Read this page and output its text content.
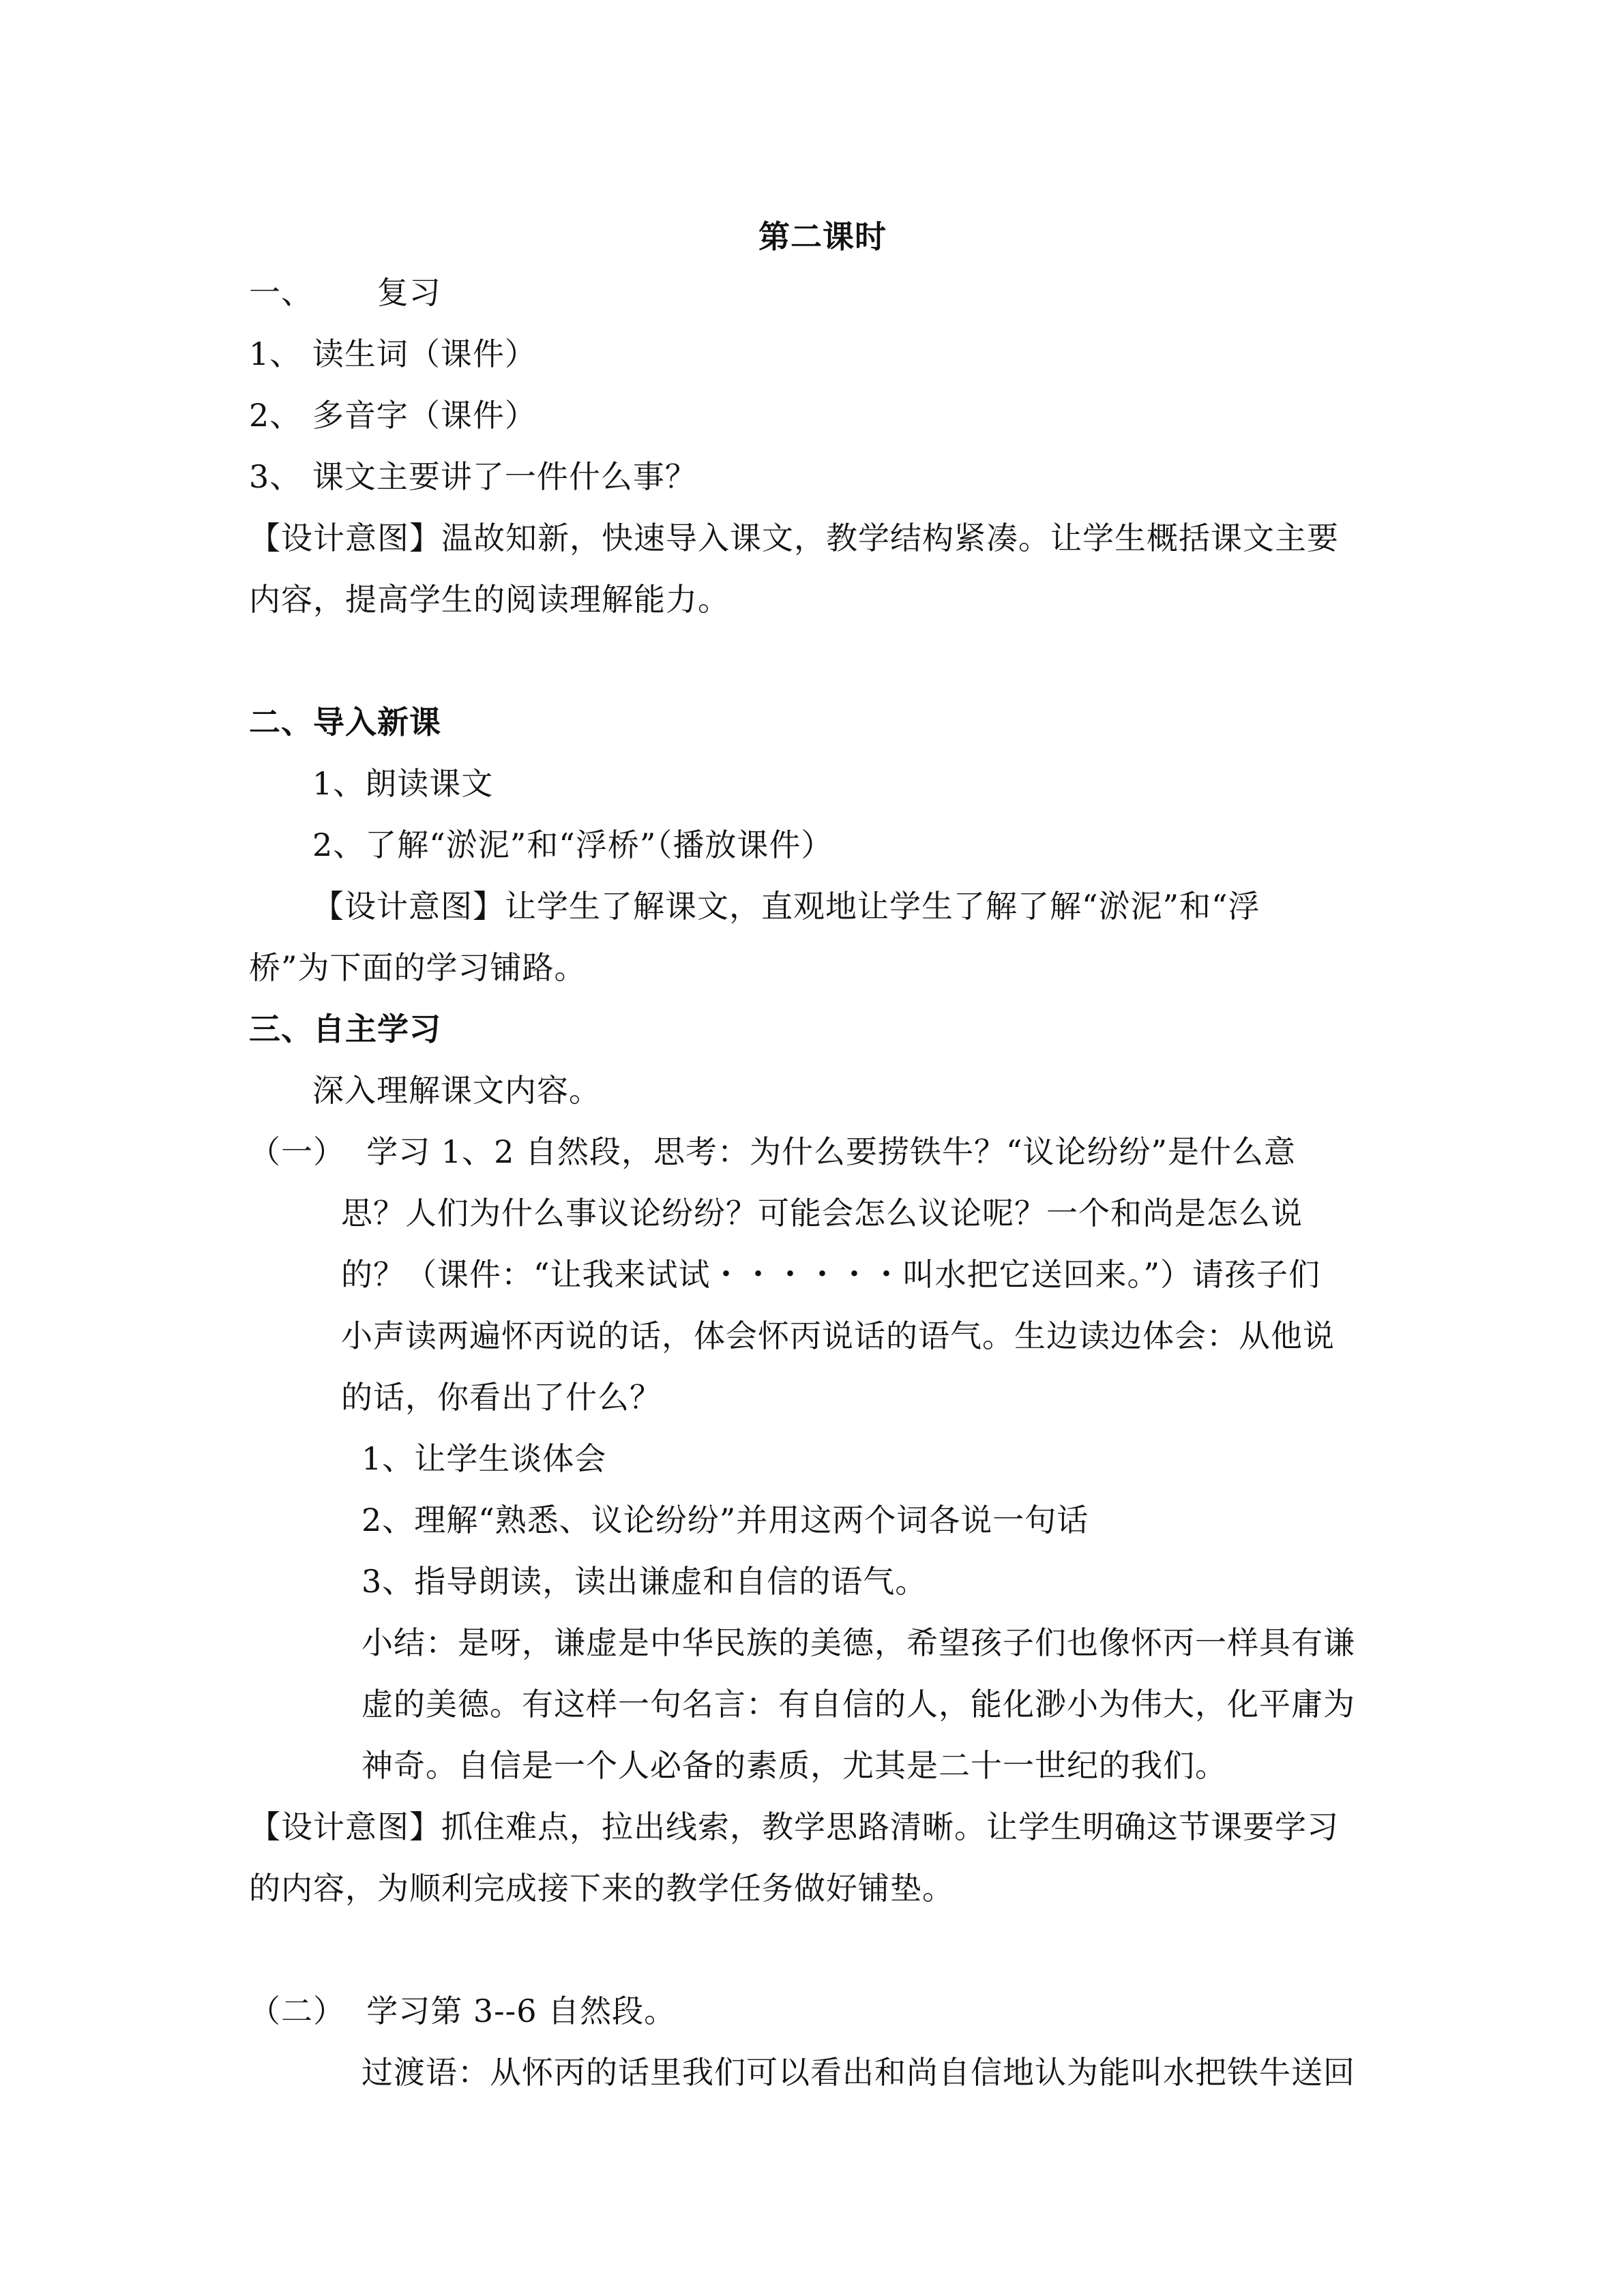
第二课时
一、      复习
1、 读生词（课件）
2、 多音字（课件）
3、 课文主要讲了一件什么事？
【设计意图】温故知新，快速导入课文，教学结构紧凑。让学生概括课文主要
内容，提高学生的阅读理解能力。
二、导入新课
1、朗读课文
2、了解“淤泥”和“浮桥”（播放课件）
【设计意图】让学生了解课文，直观地让学生了解了解“淤泥”和“浮
桥”为下面的学习铺路。
三、自主学习
深入理解课文内容。
（一）  学习 1、2 自然段，思考：为什么要捞铁牛？“议论纷纷”是什么意
思？人们为什么事议论纷纷？可能会怎么议论呢？一个和尚是怎么说
的？（课件：“让我来试试・・・・・・叫水把它送回来。”）请孩子们
小声读两遍怀丙说的话，体会怀丙说话的语气。生边读边体会：从他说
的话，你看出了什么？
1、让学生谈体会
2、理解“熟悉、议论纷纷”并用这两个词各说一句话
3、指导朗读，读出谦虚和自信的语气。
小结：是呀，谦虚是中华民族的美德，希望孩子们也像怀丙一样具有谦
虚的美德。有这样一句名言：有自信的人，能化渺小为伟大，化平庸为
神奇。自信是一个人必备的素质，尤其是二十一世纪的我们。
【设计意图】抓住难点，拉出线索，教学思路清晰。让学生明确这节课要学习
的内容，为顺利完成接下来的教学任务做好铺垫。
（二）  学习第 3--6 自然段。
过渡语：从怀丙的话里我们可以看出和尚自信地认为能叫水把铁牛送回
